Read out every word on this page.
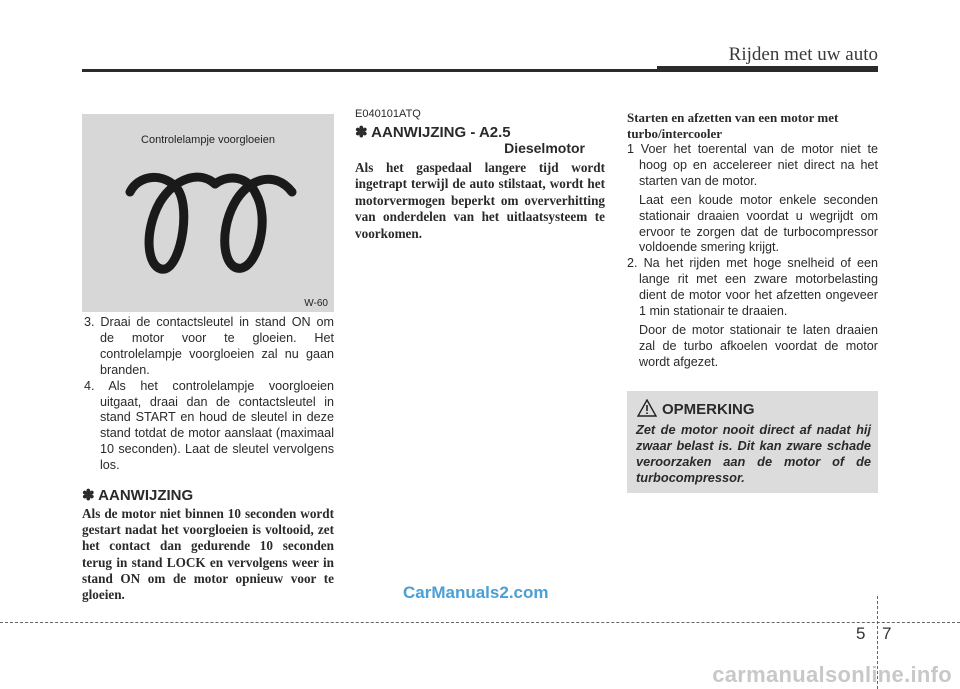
Rijden met uw auto
Controlelampje voorgloeien
W-60
3. Draai de contactsleutel in stand ON om de motor voor te gloeien. Het controlelampje voorgloeien zal nu gaan branden.
4. Als het controlelampje voorgloeien uitgaat, draai dan de contactsleutel in stand START en houd de sleutel in deze stand totdat de motor aanslaat (maximaal 10 seconden). Laat de sleutel vervolgens los.
✽ AANWIJZING
Als de motor niet binnen 10 seconden wordt gestart nadat het voorgloeien is voltooid, zet het contact dan gedurende 10 seconden terug in stand LOCK en vervolgens weer in stand ON om de motor opnieuw voor te gloeien.
E040101ATQ
✽ AANWIJZING - A2.5
Dieselmotor
Als het gaspedaal langere tijd wordt ingetrapt terwijl de auto stilstaat, wordt het motorvermogen beperkt om oververhitting van onderdelen van het uitlaatsysteem te voorkomen.
Starten en afzetten van een motor met turbo/intercooler
1 Voer het toerental van de motor niet te hoog op en accelereer niet direct na het starten van de motor.
Laat een koude motor enkele seconden stationair draaien voordat u wegrijdt om ervoor te zorgen dat de turbocompressor voldoende smering krijgt.
2. Na het rijden met hoge snelheid of een lange rit met een zware motorbelasting dient de motor voor het afzetten ongeveer 1 min stationair te draaien.
Door de motor stationair te laten draaien zal de turbo afkoelen voordat de motor wordt afgezet.
OPMERKING
Zet de motor nooit direct af nadat hij zwaar belast is. Dit kan zware schade veroorzaken aan de motor of de turbocompressor.
CarManuals2.com
5 7
carmanualsonline.info
